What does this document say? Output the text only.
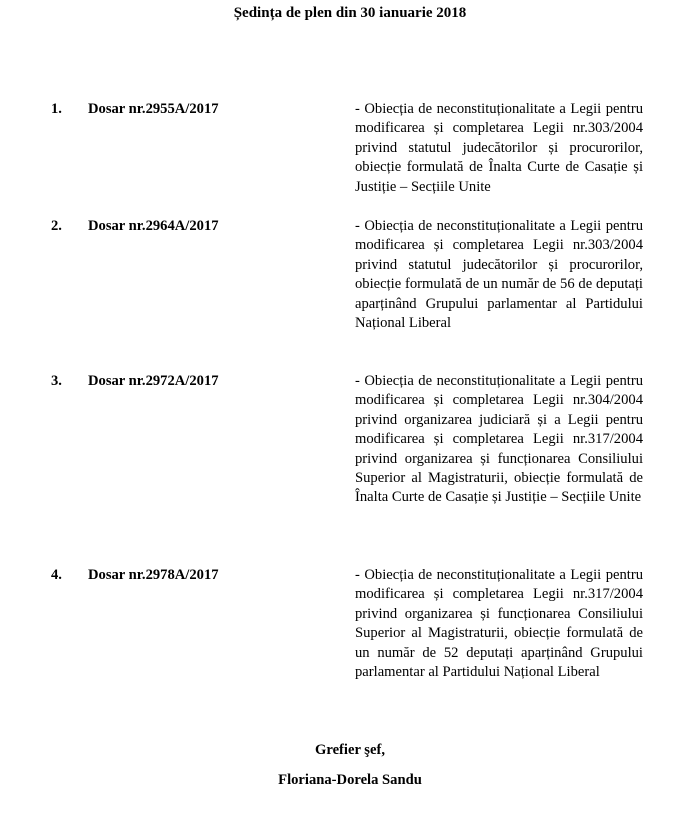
Ședința de plen din 30 ianuarie 2018
1. Dosar nr.2955A/2017	- Obiecția de neconstituționalitate a Legii pentru modificarea și completarea Legii nr.303/2004 privind statutul judecătorilor și procurorilor, obiecție formulată de Înalta Curte de Casație și Justiție – Secțiile Unite

2. Dosar nr.2964A/2017	- Obiecția de neconstituționalitate a Legii pentru modificarea și completarea Legii nr.303/2004 privind statutul judecătorilor și procurorilor, obiecție formulată de un număr de 56 de deputați aparținând Grupului parlamentar al Partidului Național Liberal

3. Dosar nr.2972A/2017	- Obiecția de neconstituționalitate a Legii pentru modificarea și completarea Legii nr.304/2004 privind organizarea judiciară și a Legii pentru modificarea și completarea Legii nr.317/2004 privind organizarea și funcționarea Consiliului Superior al Magistraturii, obiecție formulată de Înalta Curte de Casație și Justiție – Secțiile Unite

4. Dosar nr.2978A/2017	- Obiecția de neconstituționalitate a Legii pentru modificarea și completarea Legii nr.317/2004 privind organizarea și funcționarea Consiliului Superior al Magistraturii, obiecție formulată de un număr de 52 deputați aparținând Grupului parlamentar al Partidului Național Liberal

Grefier şef,
Floriana-Dorela Sandu
